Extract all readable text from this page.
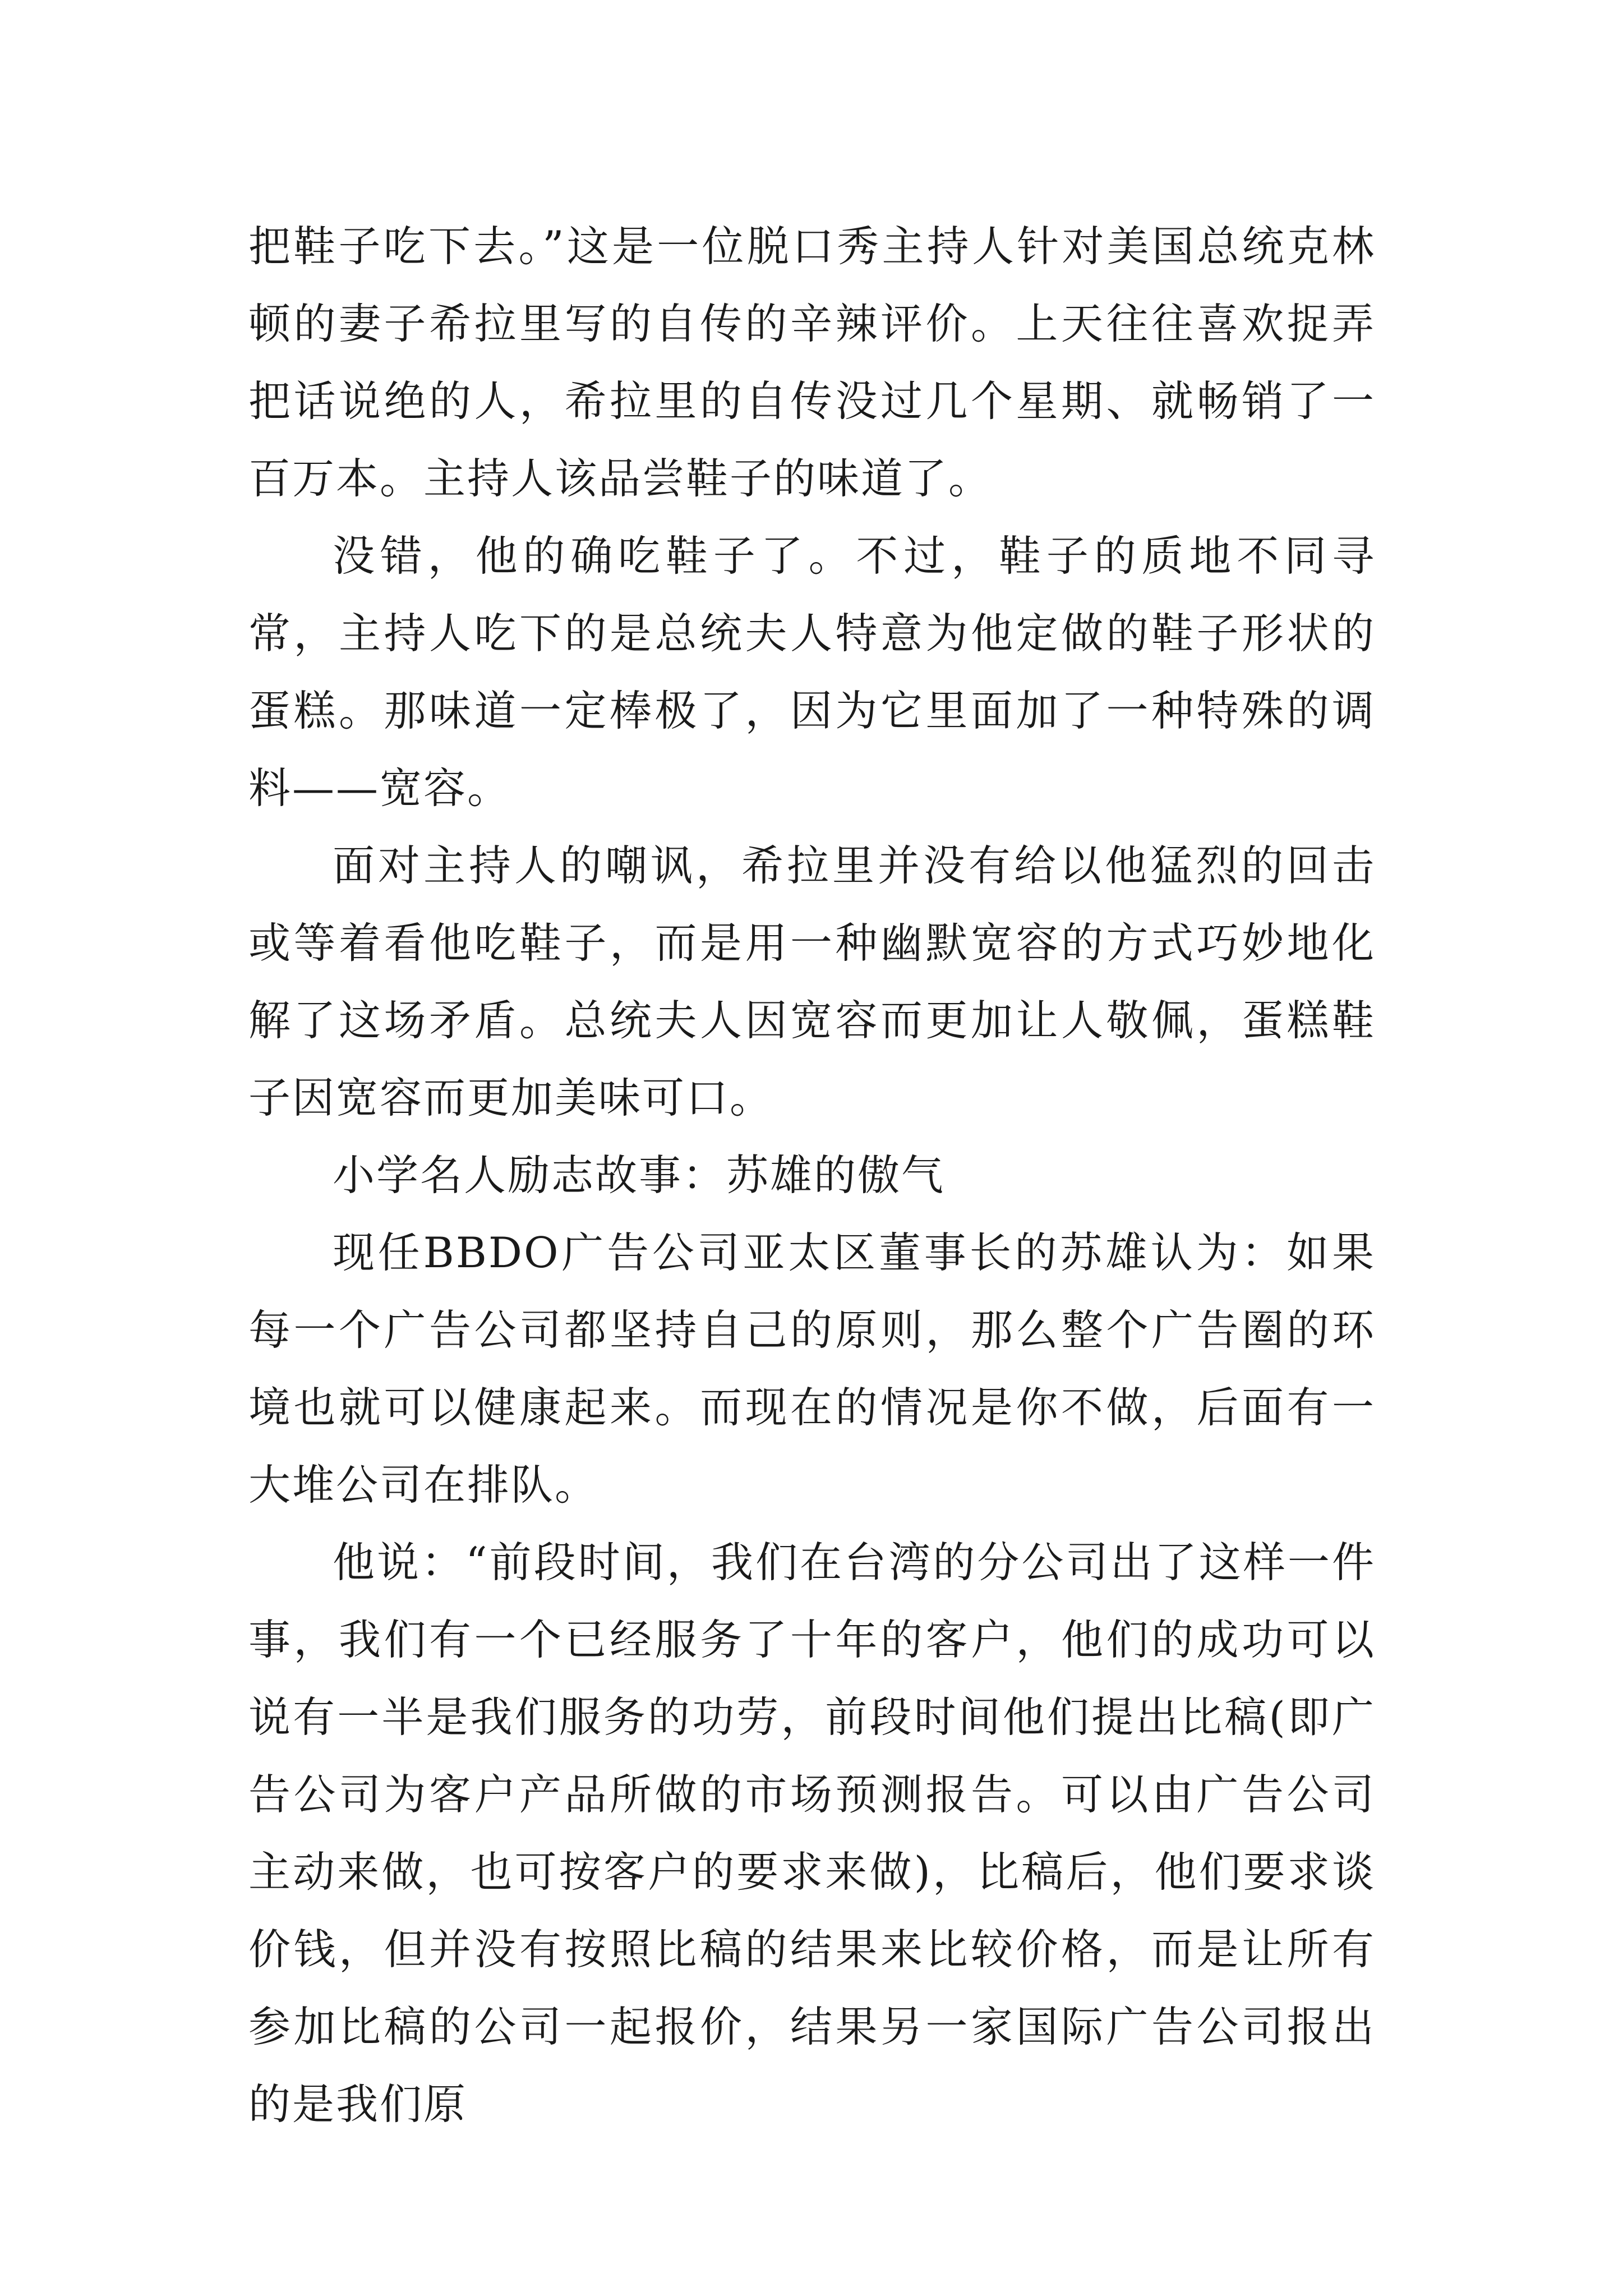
把鞋子吃下去。”这是一位脱口秀主持人针对美国总统克林顿的妻子希拉里写的自传的辛辣评价。上天往往喜欢捉弄把话说绝的人，希拉里的自传没过几个星期、就畅销了一百万本。主持人该品尝鞋子的味道了。

没错，他的确吃鞋子了。不过，鞋子的质地不同寻常，主持人吃下的是总统夫人特意为他定做的鞋子形状的蛋糕。那味道一定棒极了，因为它里面加了一种特殊的调料——宽容。

面对主持人的嘲讽，希拉里并没有给以他猛烈的回击或等着看他吃鞋子，而是用一种幽默宽容的方式巧妙地化解了这场矛盾。总统夫人因宽容而更加让人敬佩，蛋糕鞋子因宽容而更加美味可口。

小学名人励志故事：苏雄的傲气

现任BBDO广告公司亚太区董事长的苏雄认为：如果每一个广告公司都坚持自己的原则，那么整个广告圈的环境也就可以健康起来。而现在的情况是你不做，后面有一大堆公司在排队。

他说：“前段时间，我们在台湾的分公司出了这样一件事，我们有一个已经服务了十年的客户，他们的成功可以说有一半是我们服务的功劳，前段时间他们提出比稿(即广告公司为客户产品所做的市场预测报告。可以由广告公司主动来做，也可按客户的要求来做)，比稿后，他们要求谈价钱，但并没有按照比稿的结果来比较价格，而是让所有参加比稿的公司一起报价，结果另一家国际广告公司报出的是我们原
